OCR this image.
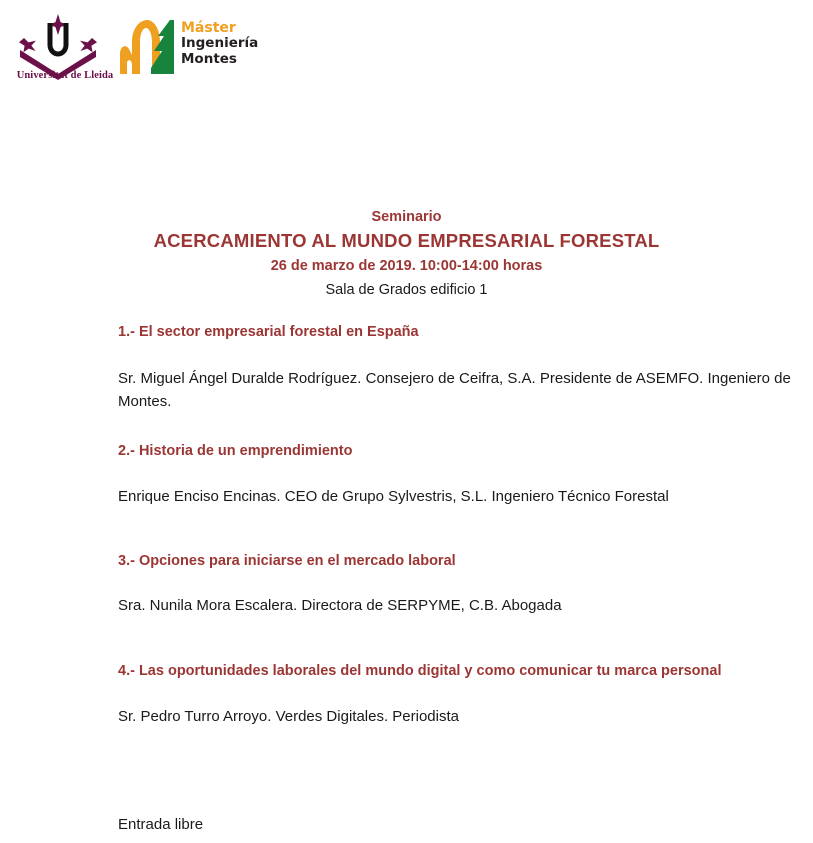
Universitat de Lleida
Máster
Ingeniería
Montes
Seminario
ACERCAMIENTO AL MUNDO EMPRESARIAL FORESTAL
26 de marzo de 2019. 10:00-14:00 horas
Sala de Grados edificio 1

1.- El sector empresarial forestal en España

Sr. Miguel Ángel Duralde Rodríguez. Consejero de Ceifra, S.A. Presidente de ASEMFO. Ingeniero de Montes.

2.- Historia de un emprendimiento

Enrique Enciso Encinas. CEO de Grupo Sylvestris, S.L. Ingeniero Técnico Forestal

3.- Opciones para iniciarse en el mercado laboral

Sra. Nunila Mora Escalera. Directora de SERPYME, C.B. Abogada

4.- Las oportunidades laborales del mundo digital y como comunicar tu marca personal

Sr. Pedro Turro Arroyo. Verdes Digitales. Periodista

Entrada libre
